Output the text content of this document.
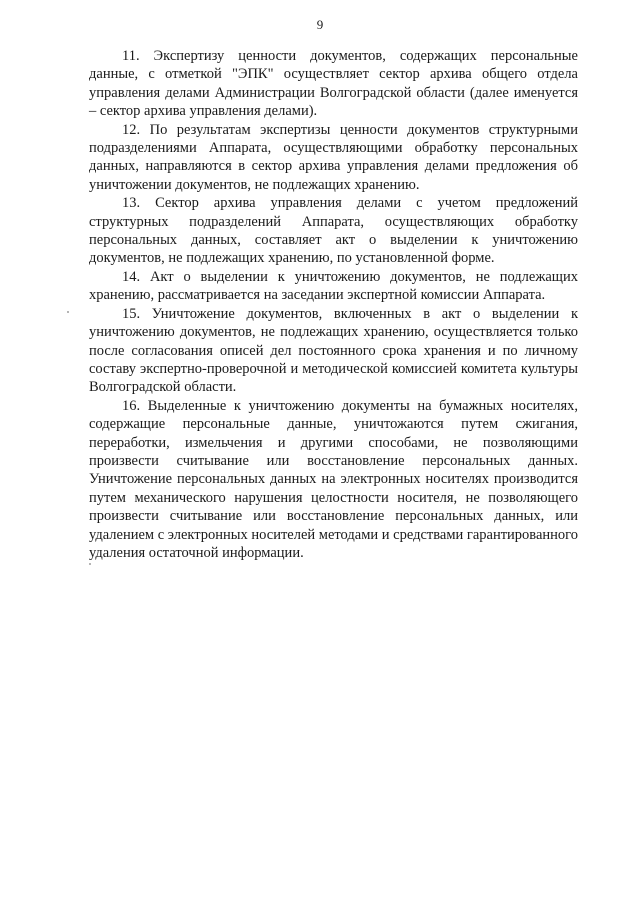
9

11. Экспертизу ценности документов, содержащих персональные данные, с отметкой "ЭПК" осуществляет сектор архива общего отдела управления делами Администрации Волгоградской области (далее именуется – сектор архива управления делами).

12. По результатам экспертизы ценности документов структурными подразделениями Аппарата, осуществляющими обработку персональных данных, направляются в сектор архива управления делами предложения об уничтожении документов, не подлежащих хранению.

13. Сектор архива управления делами с учетом предложений структурных подразделений Аппарата, осуществляющих обработку персональных данных, составляет акт о выделении к уничтожению документов, не подлежащих хранению, по установленной форме.

14. Акт о выделении к уничтожению документов, не подлежащих хранению, рассматривается на заседании экспертной комиссии Аппарата.

15. Уничтожение документов, включенных в акт о выделении к уничтожению документов, не подлежащих хранению, осуществляется только после согласования описей дел постоянного срока хранения и по личному составу экспертно-проверочной и методической комиссией комитета культуры Волгоградской области.

16. Выделенные к уничтожению документы на бумажных носителях, содержащие персональные данные, уничтожаются путем сжигания, переработки, измельчения и другими способами, не позволяющими произвести считывание или восстановление персональных данных. Уничтожение персональных данных на электронных носителях производится путем механического нарушения целостности носителя, не позволяющего произвести считывание или восстановление персональных данных, или удалением с электронных носителей методами и средствами гарантированного удаления остаточной информации.
